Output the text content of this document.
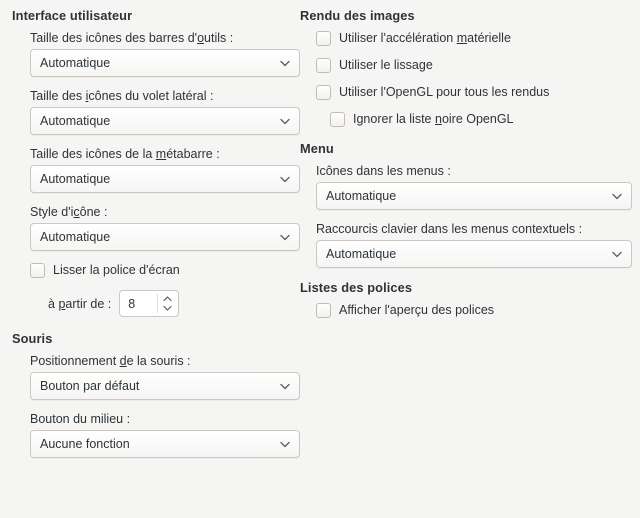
Interface utilisateur
Taille des icônes des barres d'outils :
Automatique
Taille des icônes du volet latéral :
Automatique
Taille des icônes de la métabarre :
Automatique
Style d'icône :
Automatique
Lisser la police d'écran
à partir de : 8
Souris
Positionnement de la souris :
Bouton par défaut
Bouton du milieu :
Aucune fonction
Rendu des images
Utiliser l'accélération matérielle
Utiliser le lissage
Utiliser l'OpenGL pour tous les rendus
Ignorer la liste noire OpenGL
Menu
Icônes dans les menus :
Automatique
Raccourcis clavier dans les menus contextuels :
Automatique
Listes des polices
Afficher l'aperçu des polices
